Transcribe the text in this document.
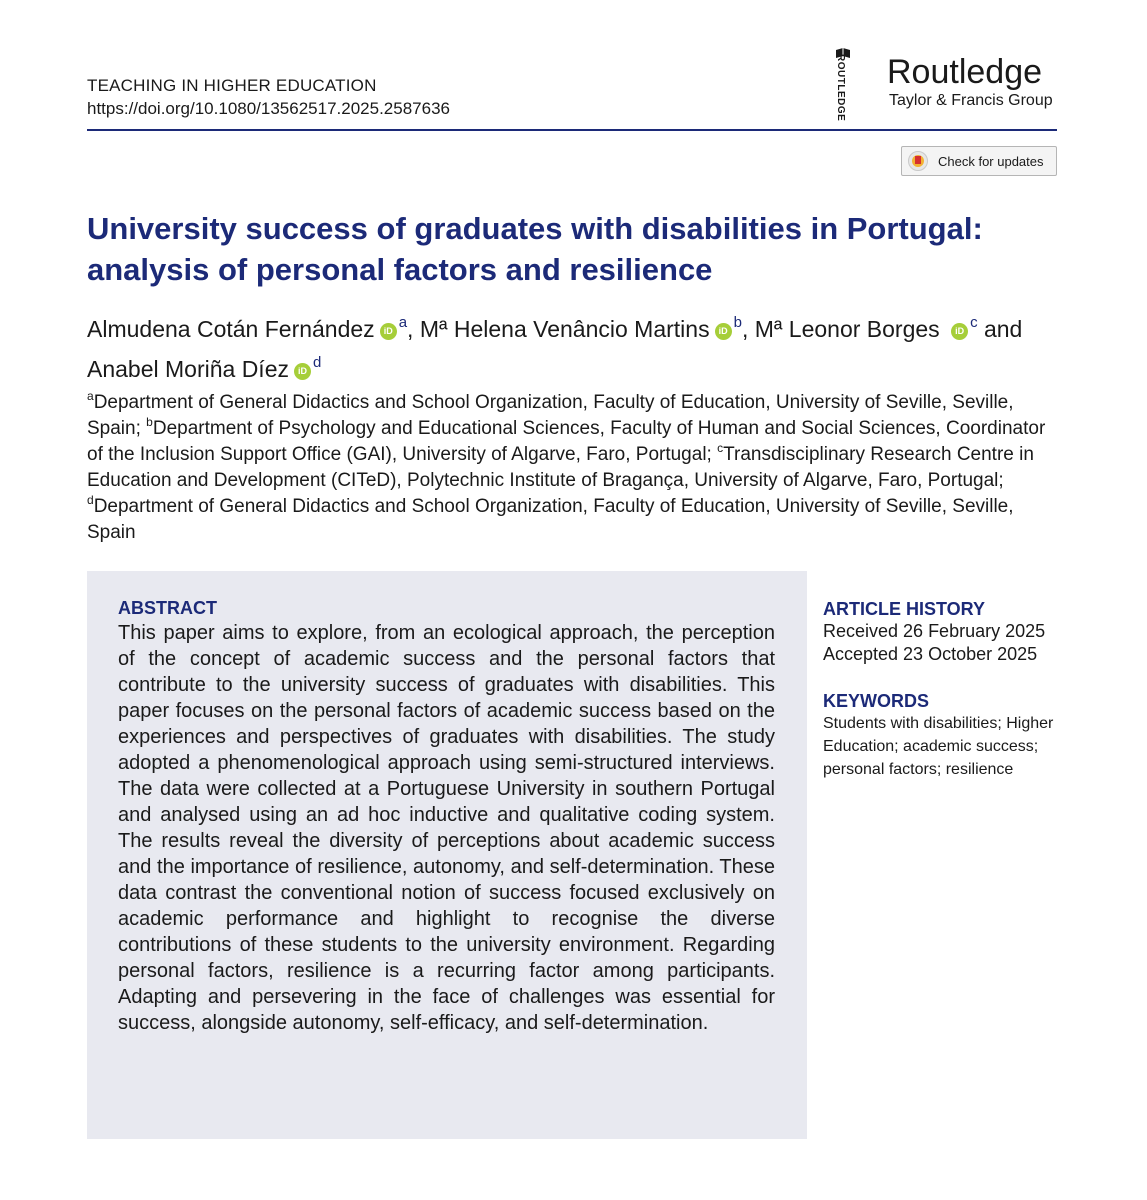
TEACHING IN HIGHER EDUCATION
https://doi.org/10.1080/13562517.2025.2587636	ROUTLEDGE Routledge
Taylor & Francis Group
Check for updates
University success of graduates with disabilities in Portugal: analysis of personal factors and resilience
Almudena Cotán Fernández iD $^a$, Mª Helena Venâncio Martins iD $^b$, Mª Leonor Borges iD $^c$ and Anabel Moriña Díez iD $^d$
$^a$Department of General Didactics and School Organization, Faculty of Education, University of Seville, Seville, Spain; $^b$Department of Psychology and Educational Sciences, Faculty of Human and Social Sciences, Coordinator of the Inclusion Support Office (GAI), University of Algarve, Faro, Portugal; $^c$Transdisciplinary Research Centre in Education and Development (CITeD), Polytechnic Institute of Bragança, University of Algarve, Faro, Portugal; $^d$Department of General Didactics and School Organization, Faculty of Education, University of Seville, Seville, Spain
ABSTRACT

This paper aims to explore, from an ecological approach, the perception of the concept of academic success and the personal factors that contribute to the university success of graduates with disabilities. This paper focuses on the personal factors of academic success based on the experiences and perspectives of graduates with disabilities. The study adopted a phenomenological approach using semi-structured interviews. The data were collected at a Portuguese University in southern Portugal and analysed using an ad hoc inductive and qualitative coding system. The results reveal the diversity of perceptions about academic success and the importance of resilience, autonomy, and self-determination. These data contrast the conventional notion of success focused exclusively on academic performance and highlight to recognise the diverse contributions of these students to the university environment. Regarding personal factors, resilience is a recurring factor among participants. Adapting and persevering in the face of challenges was essential for success, alongside autonomy, self-efficacy, and self-determination.

ARTICLE HISTORY
Received 26 February 2025
Accepted 23 October 2025
KEYWORDS
Students with disabilities; Higher Education; academic success; personal factors; resilience
